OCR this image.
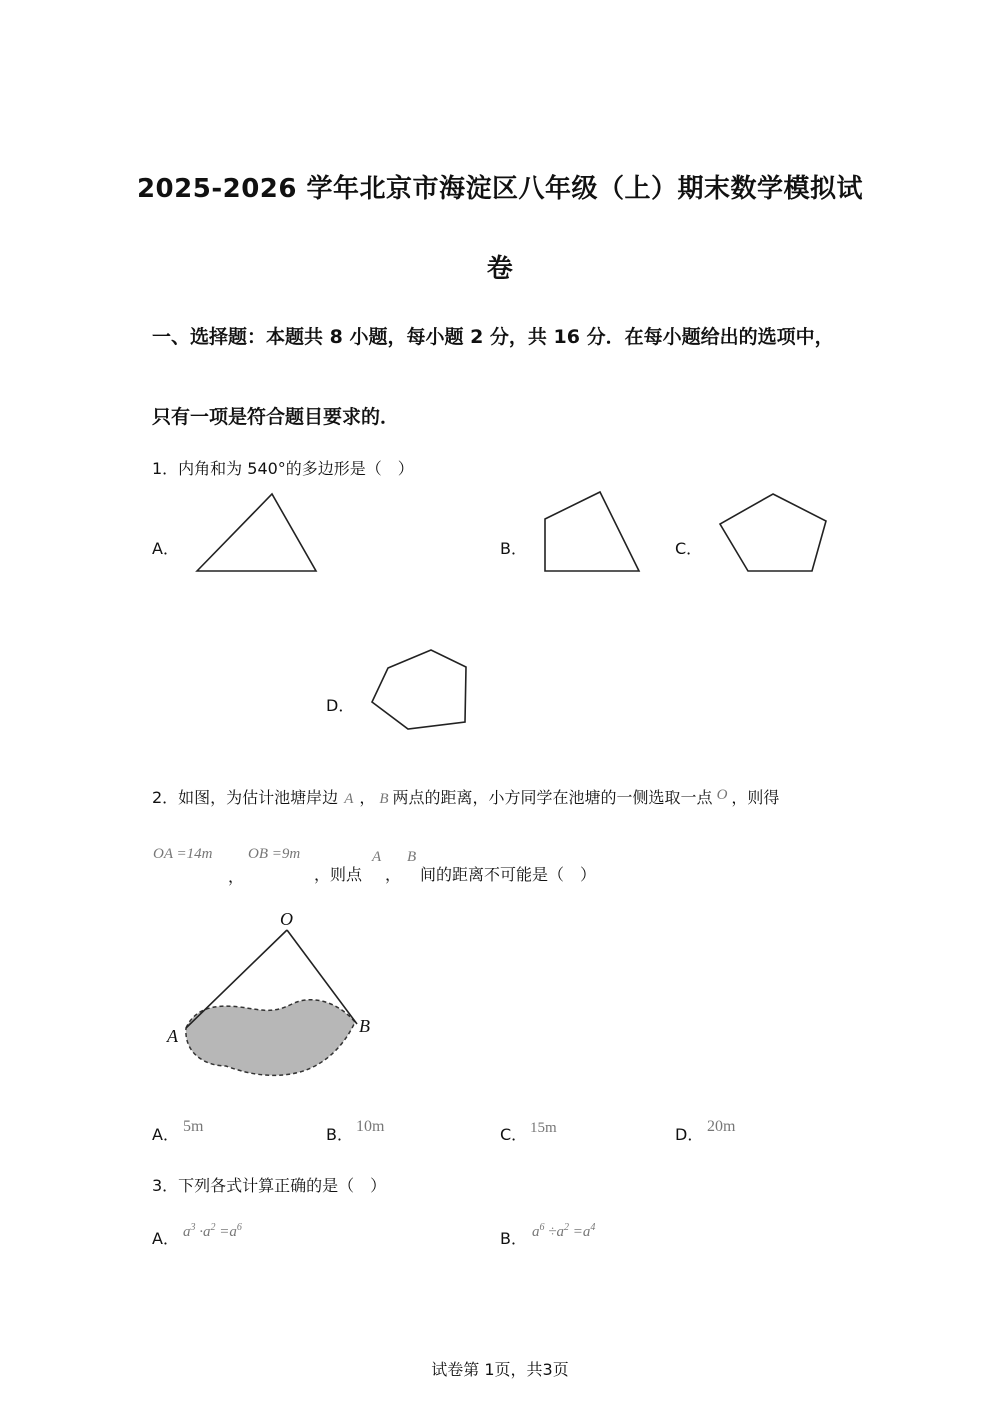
2025-2026 学年北京市海淀区八年级（上）期末数学模拟试
卷
一、选择题：本题共 8 小题，每小题 2 分，共 16 分．在每小题给出的选项中，
只有一项是符合题目要求的．
1．内角和为 540°的多边形是（　）
A．	B．	C．
D．
2．如图，为估计池塘岸边 A ， B 两点的距离，小方同学在池塘的一侧选取一点 O ，则得
OA =14m
，
OB =9m
，则点
A
，
B
间的距离不可能是（　）
O
A	B
A． 5m	B． 10m	C． 15m	D． 20m
3．下列各式计算正确的是（　）
A． $a^3 \cdot a^2 =a^6$
B． $a^6 \div a^2 =a^4$
试卷第 1页，共3页
